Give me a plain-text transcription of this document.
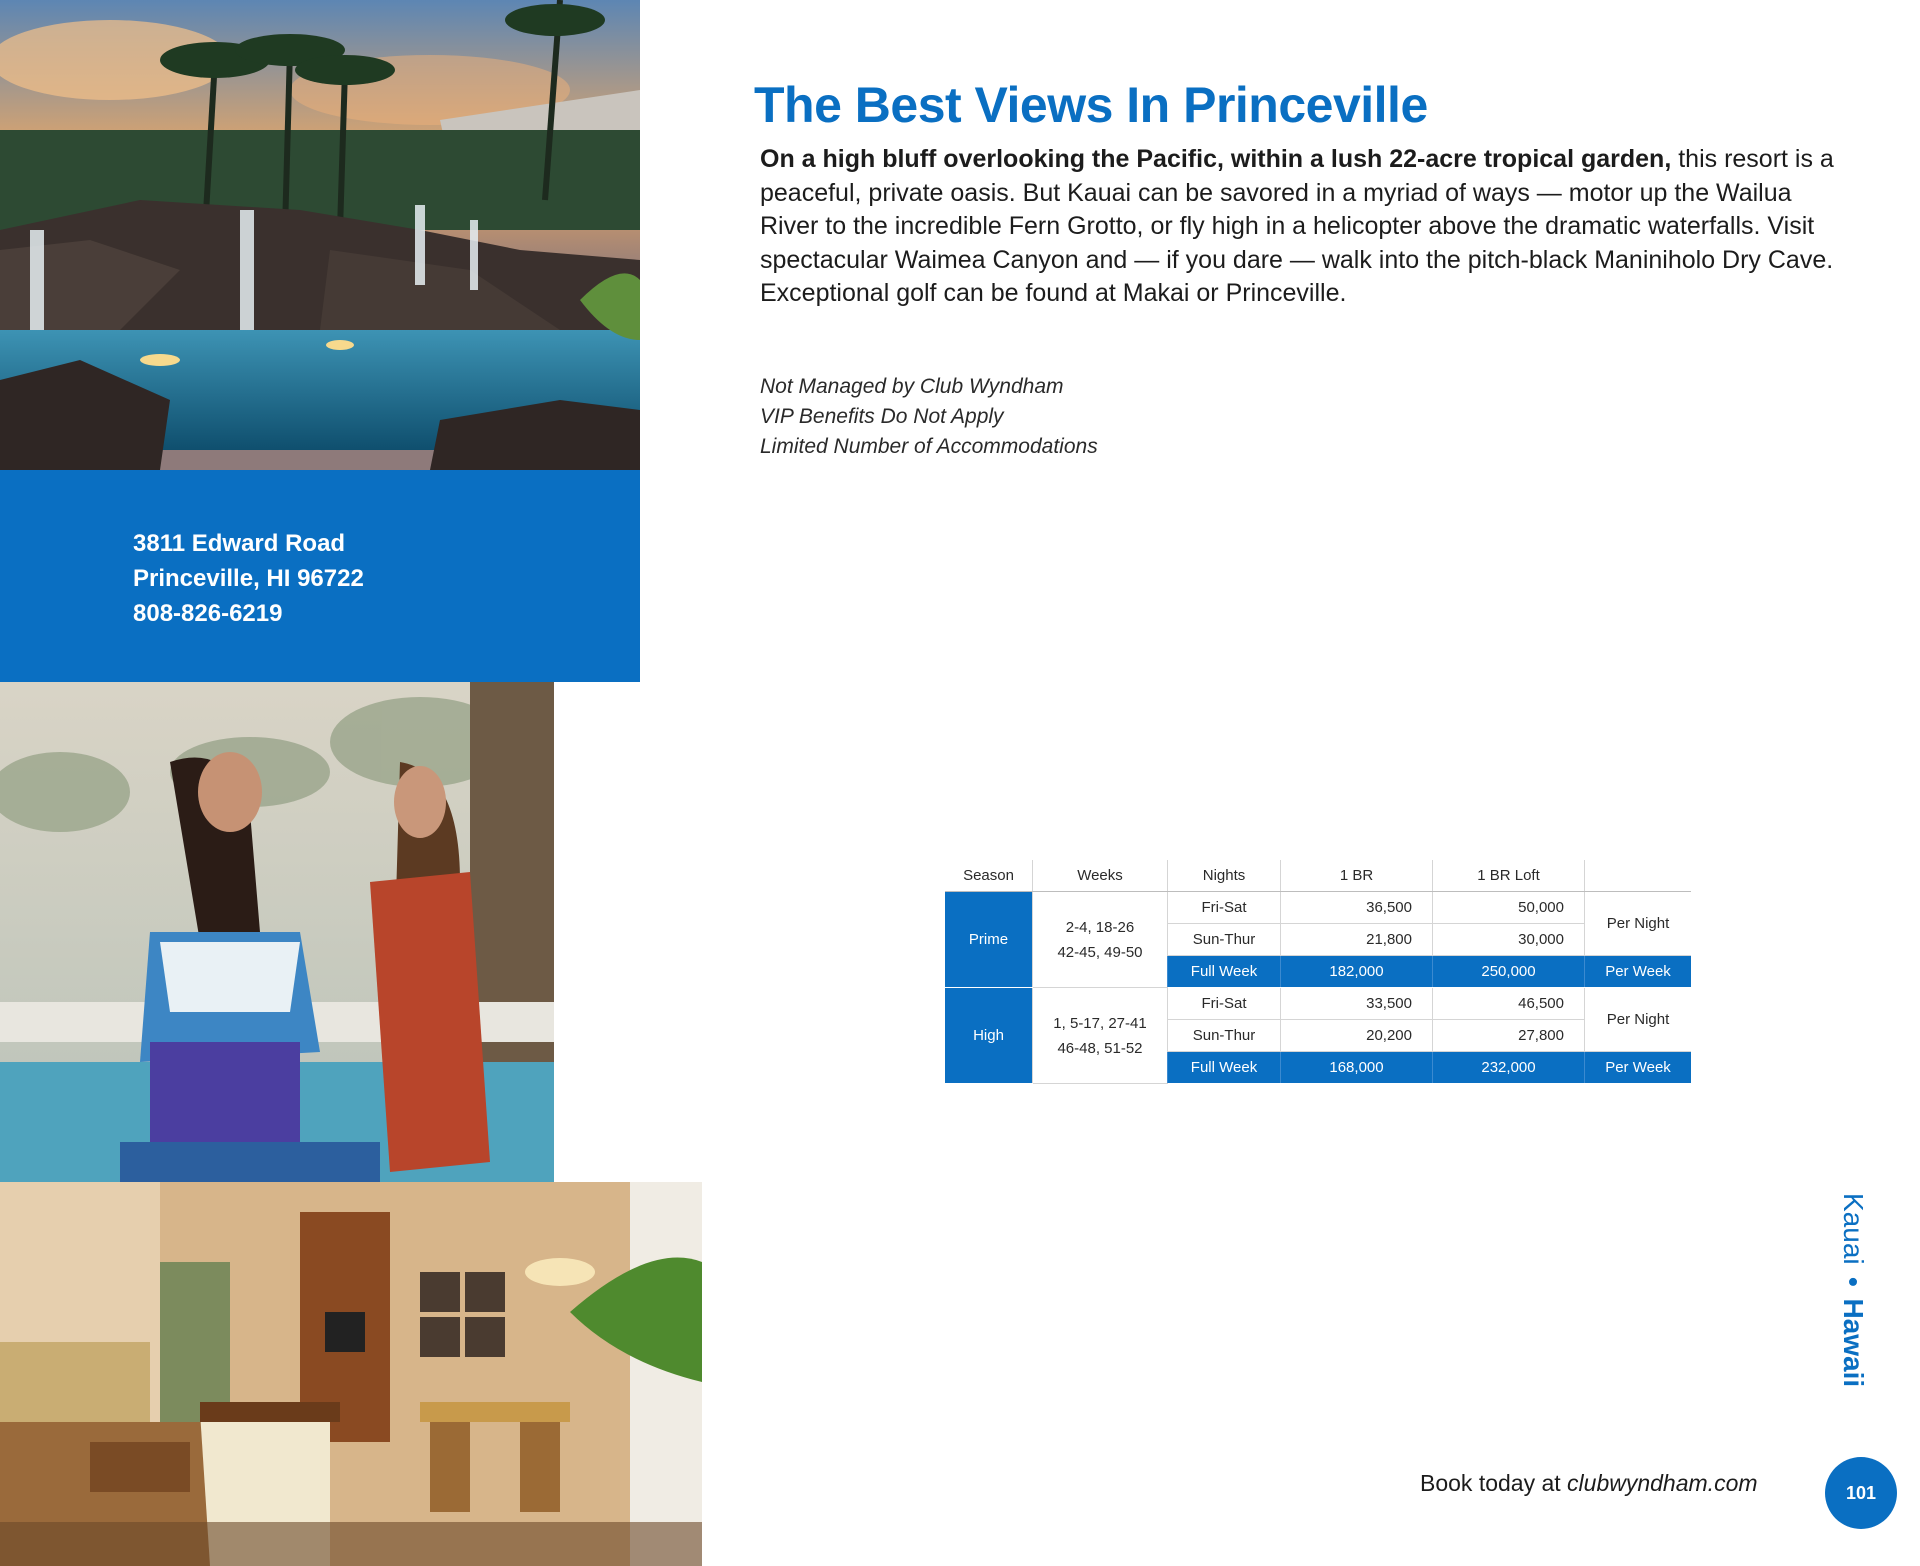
3811 Edward Road
Princeville, HI 96722
808-826-6219
The Best Views In Princeville
On a high bluff overlooking the Pacific, within a lush 22-acre tropical garden, this resort is a peaceful, private oasis. But Kauai can be savored in a myriad of ways — motor up the Wailua River to the incredible Fern Grotto, or fly high in a helicopter above the dramatic waterfalls. Visit spectacular Waimea Canyon and — if you dare — walk into the pitch-black Maniniholo Dry Cave. Exceptional golf can be found at Makai or Princeville.
Not Managed by Club Wyndham
VIP Benefits Do Not Apply
Limited Number of Accommodations
Season	Weeks	Nights	1 BR	1 BR Loft	
Prime	2-4, 18-26
42-45, 49-50	Fri-Sat	36,500	50,000	Per Night
		Sun-Thur	21,800	30,000	
		Full Week	182,000	250,000	Per Week
High	1, 5-17, 27-41
46-48, 51-52	Fri-Sat	33,500	46,500	Per Night
		Sun-Thur	20,200	27,800	
		Full Week	168,000	232,000	Per Week
Kauai•Hawaii
Book today at clubwyndham.com	101
